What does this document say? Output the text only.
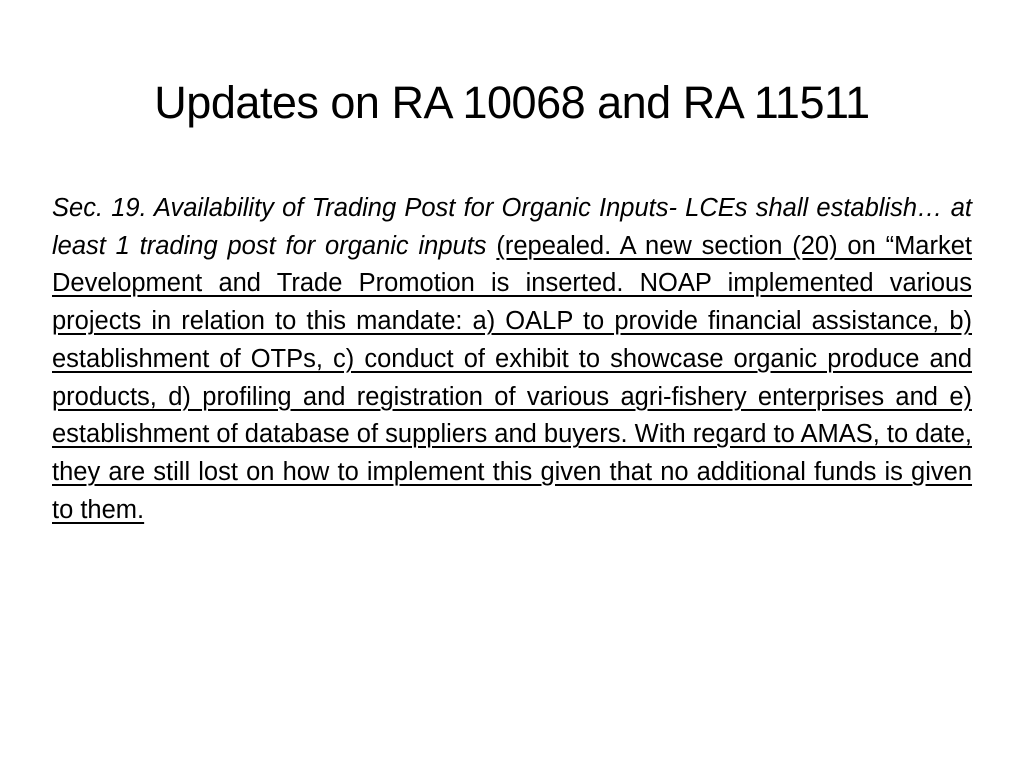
Updates on RA 10068 and RA 11511

Sec. 19. Availability of Trading Post for Organic Inputs- LCEs shall establish… at least 1 trading post for organic inputs (repealed. A new section (20) on “Market Development and Trade Promotion is inserted. NOAP implemented various projects in relation to this mandate: a) OALP to provide financial assistance, b) establishment of OTPs, c) conduct of exhibit to showcase organic produce and products, d) profiling and registration of various agri-fishery enterprises and e) establishment of database of suppliers and buyers. With regard to AMAS, to date, they are still lost on how to implement this given that no additional funds is given to them.
